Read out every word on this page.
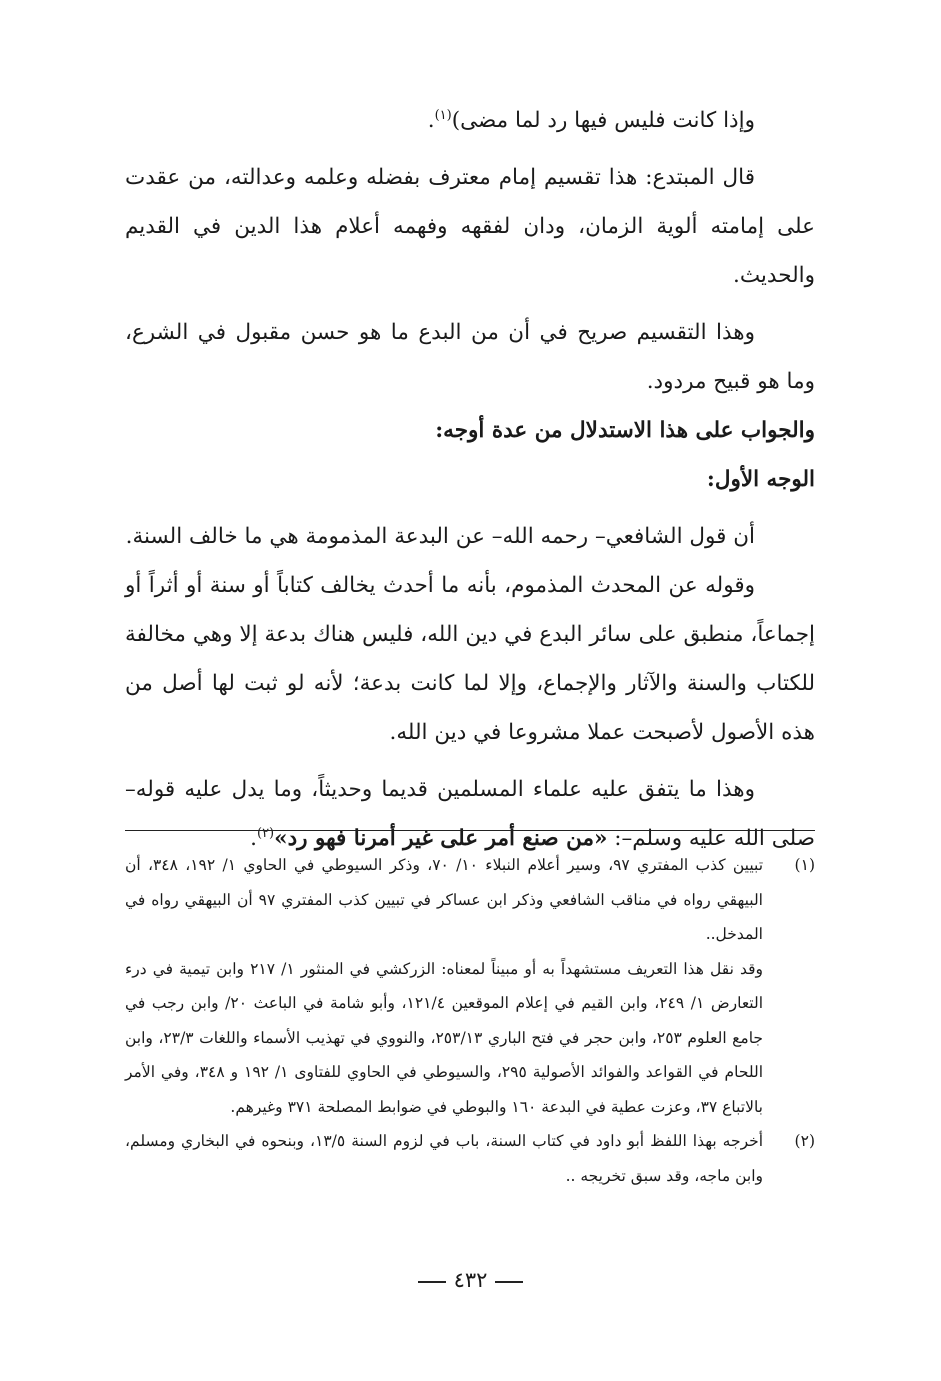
وإذا كانت فليس فيها رد لما مضى)$^{(١)}$.

قال المبتدع: هذا تقسيم إمام معترف بفضله وعلمه وعدالته، من عقدت على إمامته ألوية الزمان، ودان لفقهه وفهمه أعلام هذا الدين في القديم والحديث.

وهذا التقسيم صريح في أن من البدع ما هو حسن مقبول في الشرع، وما هو قبيح مردود.

والجواب على هذا الاستدلال من عدة أوجه:

الوجه الأول:

أن قول الشافعي– رحمه الله– عن البدعة المذمومة هي ما خالف السنة.

وقوله عن المحدث المذموم، بأنه ما أحدث يخالف كتاباً أو سنة أو أثراً أو إجماعاً، منطبق على سائر البدع في دين الله، فليس هناك بدعة إلا وهي مخالفة للكتاب والسنة والآثار والإجماع، وإلا لما كانت بدعة؛ لأنه لو ثبت لها أصل من هذه الأصول لأصبحت عملا مشروعا في دين الله.

وهذا ما يتفق عليه علماء المسلمين قديما وحديثاً، وما يدل عليه قوله– صلى الله عليه وسلم–: «من صنع أمر على غير أمرنا فهو رد»$^{(٢)}$.

(١)

تبيين كذب المفتري ٩٧، وسير أعلام النبلاء ١٠/ ٧٠، وذكر السيوطي في الحاوي ١/ ١٩٢، ٣٤٨، أن البيهقي رواه في مناقب الشافعي وذكر ابن عساكر في تبيين كذب المفتري ٩٧ أن البيهقي رواه في المدخل..

وقد نقل هذا التعريف مستشهداً به أو مبيناً لمعناه: الزركشي في المنثور ١/ ٢١٧ وابن تيمية في درء التعارض ١/ ٢٤٩، وابن القيم في إعلام الموقعين ١٢١/٤، وأبو شامة في الباعث ٢٠/ وابن رجب في جامع العلوم ٢٥٣، وابن حجر في فتح الباري ٢٥٣/١٣، والنووي في تهذيب الأسماء واللغات ٢٣/٣، وابن اللحام في القواعد والفوائد الأصولية ٢٩٥، والسيوطي في الحاوي للفتاوى ١/ ١٩٢ و ٣٤٨، وفي الأمر بالاتباع ٣٧، وعزت عطية في البدعة ١٦٠ والبوطي في ضوابط المصلحة ٣٧١ وغيرهم.

(٢)

أخرجه بهذا اللفظ أبو داود في كتاب السنة، باب في لزوم السنة ١٣/٥، وبنحوه في البخاري ومسلم، وابن ماجه، وقد سبق تخريجه ..

٤٣٢
